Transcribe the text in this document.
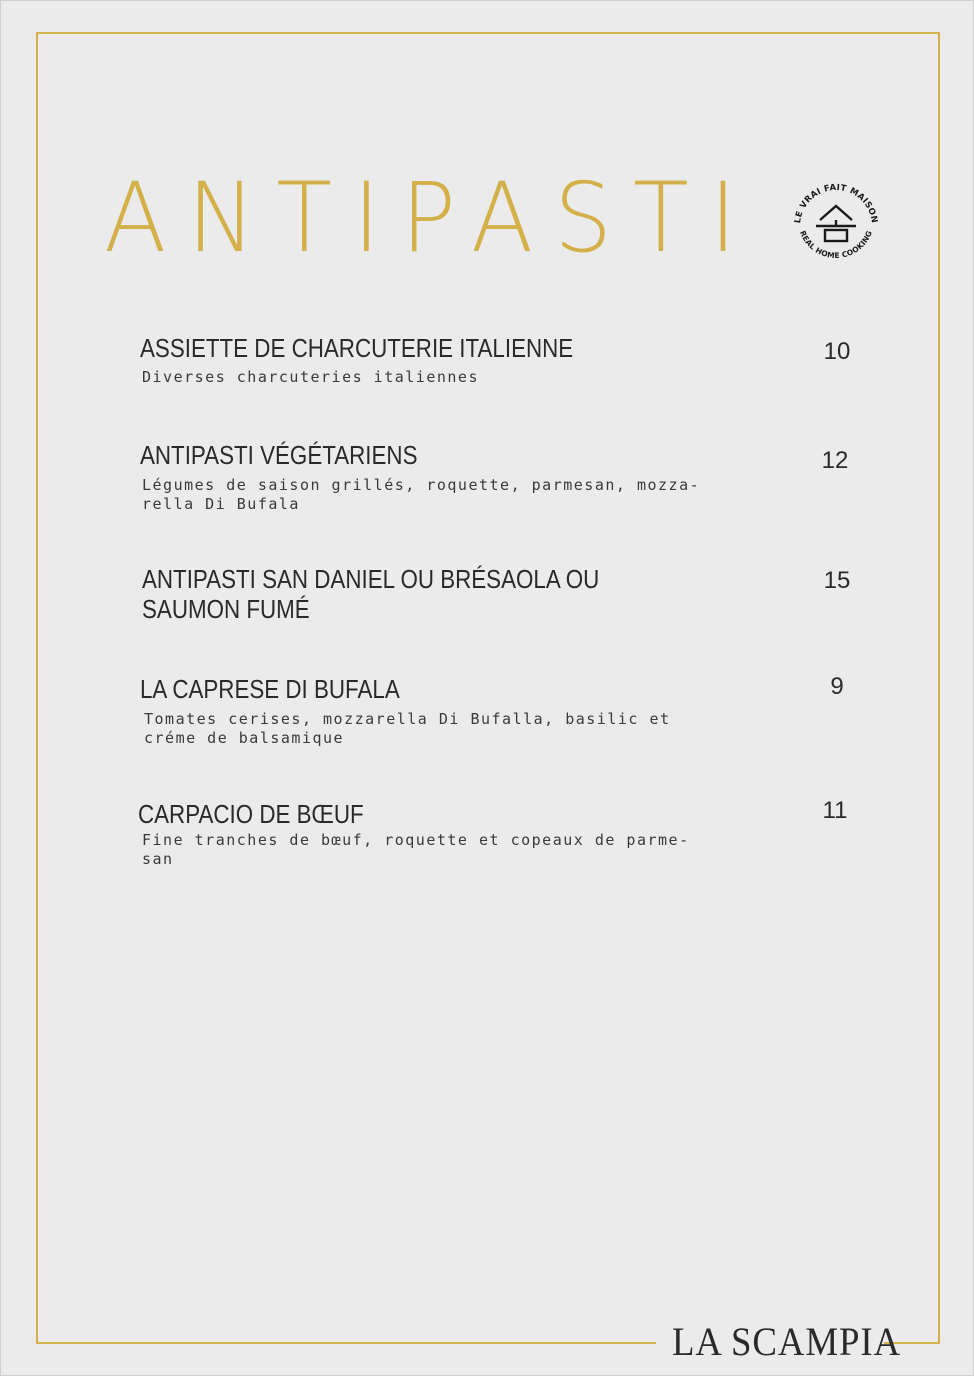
ANTIPASTI	LE VRAI FAIT MAISON
REAL HOME COOKING
ASSIETTE DE CHARCUTERIE ITALIENNE
Diverses charcuteries italiennes
10
ANTIPASTI VÉGÉTARIENS
Légumes de saison grillés, roquette, parmesan, mozza-
rella Di Bufala
12
ANTIPASTI SAN DANIEL OU BRÉSAOLA OU
SAUMON FUMÉ
15
LA CAPRESE DI BUFALA
Tomates cerises, mozzarella Di Bufalla, basilic et
créme de balsamique
9
CARPACIO DE BŒUF
Fine tranches de bœuf, roquette et copeaux de parme-
san
11
LA SCAMPIA
